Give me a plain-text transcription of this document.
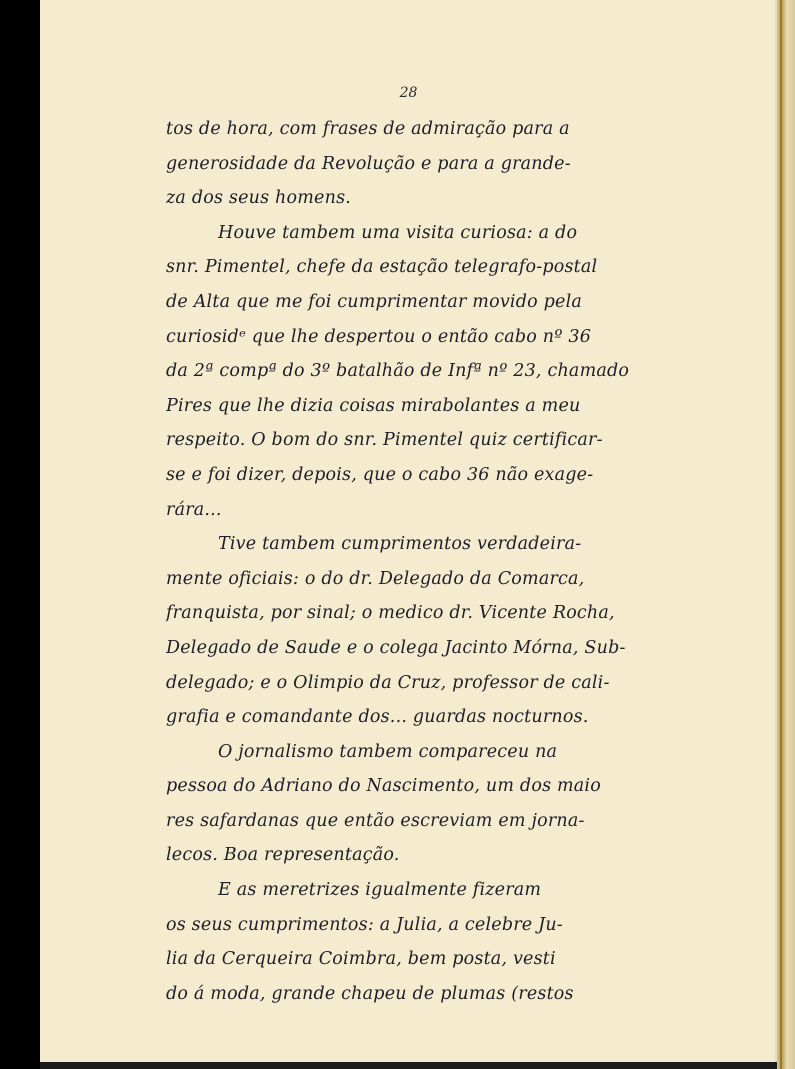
28
tos de hora, com frases de admiração para a
generosidade da Revolução e para a grande-
za dos seus homens.
Houve tambem uma visita curiosa: a do
snr. Pimentel, chefe da estação telegrafo-postal
de Alta que me foi cumprimentar movido pela
curiosidᵉ que lhe despertou o então cabo nº 36
da 2ª compª do 3º batalhão de Infª nº 23, chamado
Pires que lhe dizia coisas mirabolantes a meu
respeito. O bom do snr. Pimentel quiz certificar-
se e foi dizer, depois, que o cabo 36 não exage-
rára...
Tive tambem cumprimentos verdadeira-
mente oficiais: o do dr. Delegado da Comarca,
franquista, por sinal; o medico dr. Vicente Rocha,
Delegado de Saude e o colega Jacinto Mórna, Sub-
delegado; e o Olimpio da Cruz, professor de cali-
grafia e comandante dos... guardas nocturnos.
O jornalismo tambem compareceu na
pessoa do Adriano do Nascimento, um dos maio
res safardanas que então escreviam em jorna-
lecos. Boa representação.
E as meretrizes igualmente fizeram
os seus cumprimentos: a Julia, a celebre Ju-
lia da Cerqueira Coimbra, bem posta, vesti
do á moda, grande chapeu de plumas (restos
